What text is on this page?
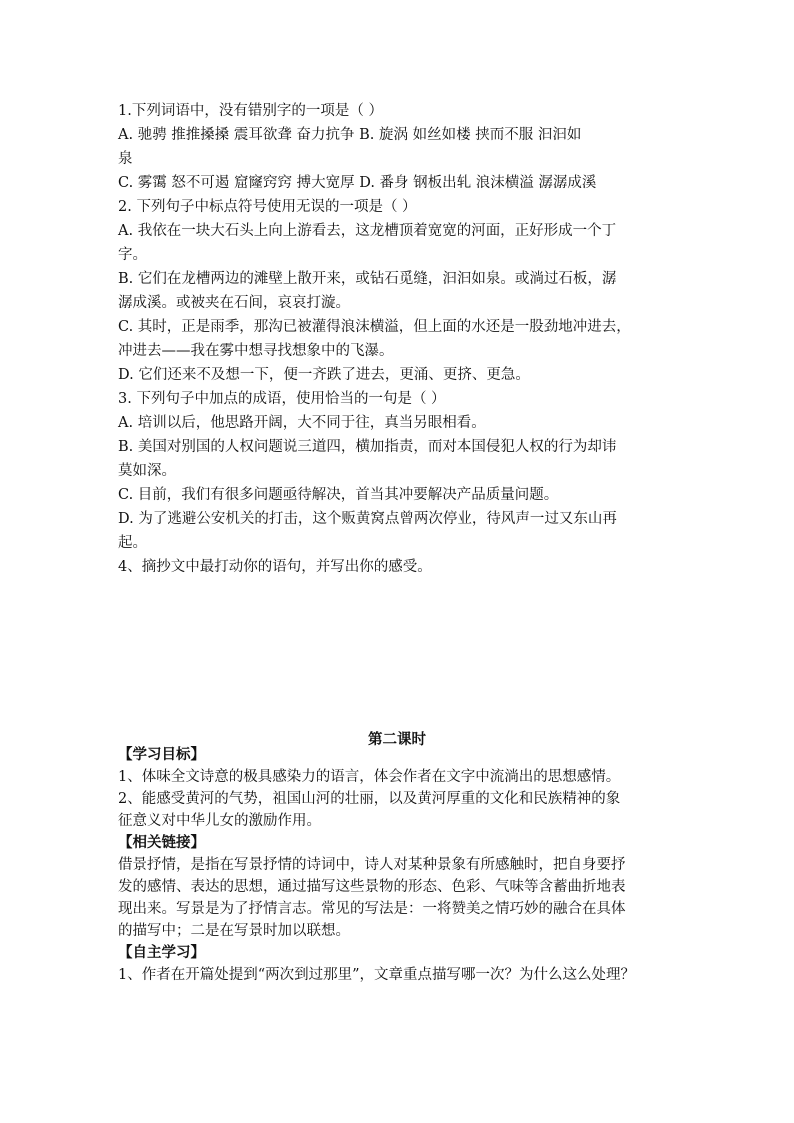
1.下列词语中，没有错别字的一项是（ ）
A. 驰骋 推推搡搡 震耳欲聋 奋力抗争 B. 旋涡 如丝如楼 挟而不服 汩汩如
泉
C. 雾霭 怒不可遏 窟窿窍窍 搏大宽厚 D. 番身 钢板出轧 浪沫横溢 潺潺成溪
2. 下列句子中标点符号使用无误的一项是（ ）
A. 我依在一块大石头上向上游看去，这龙槽顶着宽宽的河面，正好形成一个丁
字。
B. 它们在龙槽两边的滩壁上散开来，或钻石觅缝，汩汩如泉。或淌过石板，潺
潺成溪。或被夹在石间，哀哀打漩。
C. 其时，正是雨季，那沟已被灌得浪沫横溢，但上面的水还是一股劲地冲进去，
冲进去——我在雾中想寻找想象中的飞瀑。
D. 它们还来不及想一下，便一齐跌了进去，更涌、更挤、更急。
3. 下列句子中加点的成语，使用恰当的一句是（ ）
A. 培训以后，他思路开阔，大不同于往，真当另眼相看。
B. 美国对别国的人权问题说三道四，横加指责，而对本国侵犯人权的行为却讳
莫如深。
C. 目前，我们有很多问题亟待解决，首当其冲要解决产品质量问题。
D. 为了逃避公安机关的打击，这个贩黄窝点曾两次停业，待风声一过又东山再
起。
4、摘抄文中最打动你的语句，并写出你的感受。
第二课时
【学习目标】
1、体味全文诗意的极具感染力的语言，体会作者在文字中流淌出的思想感情。
2、能感受黄河的气势，祖国山河的壮丽，以及黄河厚重的文化和民族精神的象
征意义对中华儿女的激励作用。
【相关链接】
借景抒情，是指在写景抒情的诗词中，诗人对某种景象有所感触时，把自身要抒
发的感情、表达的思想，通过描写这些景物的形态、色彩、气味等含蓄曲折地表
现出来。写景是为了抒情言志。常见的写法是：一将赞美之情巧妙的融合在具体
的描写中；二是在写景时加以联想。
【自主学习】
1、作者在开篇处提到“两次到过那里”，文章重点描写哪一次？为什么这么处理？
